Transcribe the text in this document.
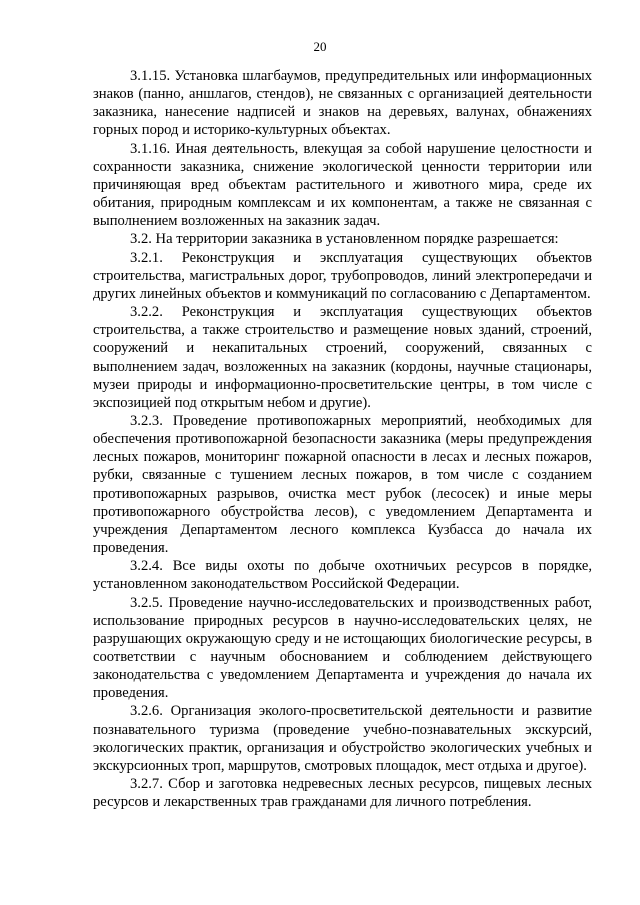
20

3.1.15. Установка шлагбаумов, предупредительных или информационных знаков (панно, аншлагов, стендов), не связанных с организацией деятельности заказника, нанесение надписей и знаков на деревьях, валунах, обнажениях горных пород и историко-культурных объектах.

3.1.16. Иная деятельность, влекущая за собой нарушение целостности и сохранности заказника, снижение экологической ценности территории или причиняющая вред объектам растительного и животного мира, среде их обитания, природным комплексам и их компонентам, а также не связанная с выполнением возложенных на заказник задач.

3.2. На территории заказника в установленном порядке разрешается:

3.2.1. Реконструкция и эксплуатация существующих объектов строительства, магистральных дорог, трубопроводов, линий электропередачи и других линейных объектов и коммуникаций по согласованию с Департаментом.

3.2.2. Реконструкция и эксплуатация существующих объектов строительства, а также строительство и размещение новых зданий, строений, сооружений и некапитальных строений, сооружений, связанных с выполнением задач, возложенных на заказник (кордоны, научные стационары, музеи природы и информационно-просветительские центры, в том числе с экспозицией под открытым небом и другие).

3.2.3. Проведение противопожарных мероприятий, необходимых для обеспечения противопожарной безопасности заказника (меры предупреждения лесных пожаров, мониторинг пожарной опасности в лесах и лесных пожаров, рубки, связанные с тушением лесных пожаров, в том числе с созданием противопожарных разрывов, очистка мест рубок (лесосек) и иные меры противопожарного обустройства лесов), с уведомлением Департамента и учреждения Департаментом лесного комплекса Кузбасса до начала их проведения.

3.2.4. Все виды охоты по добыче охотничьих ресурсов в порядке, установленном законодательством Российской Федерации.

3.2.5. Проведение научно-исследовательских и производственных работ, использование природных ресурсов в научно-исследовательских целях, не разрушающих окружающую среду и не истощающих биологические ресурсы, в соответствии с научным обоснованием и соблюдением действующего законодательства с уведомлением Департамента и учреждения до начала их проведения.

3.2.6. Организация эколого-просветительской деятельности и развитие познавательного туризма (проведение учебно-познавательных экскурсий, экологических практик, организация и обустройство экологических учебных и экскурсионных троп, маршрутов, смотровых площадок, мест отдыха и другое).

3.2.7. Сбор и заготовка недревесных лесных ресурсов, пищевых лесных ресурсов и лекарственных трав гражданами для личного потребления.
